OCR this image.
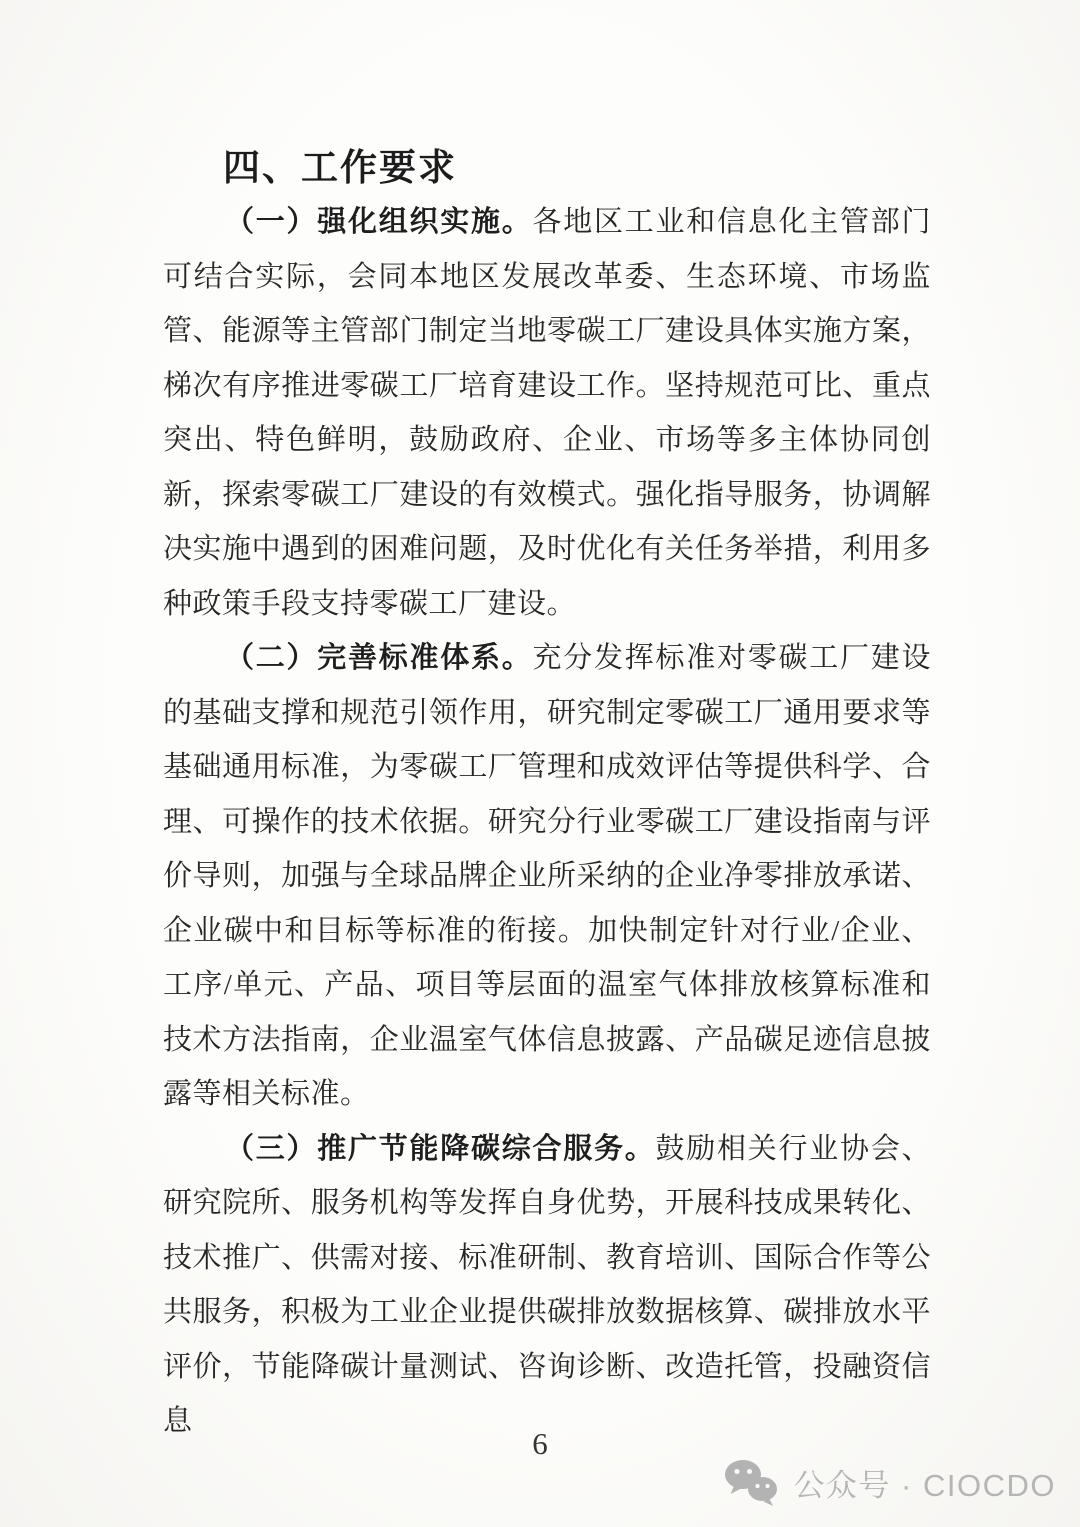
四、工作要求

（一）强化组织实施。各地区工业和信息化主管部门可结合实际，会同本地区发展改革委、生态环境、市场监管、能源等主管部门制定当地零碳工厂建设具体实施方案，梯次有序推进零碳工厂培育建设工作。坚持规范可比、重点突出、特色鲜明，鼓励政府、企业、市场等多主体协同创新，探索零碳工厂建设的有效模式。强化指导服务，协调解决实施中遇到的困难问题，及时优化有关任务举措，利用多种政策手段支持零碳工厂建设。

（二）完善标准体系。充分发挥标准对零碳工厂建设的基础支撑和规范引领作用，研究制定零碳工厂通用要求等基础通用标准，为零碳工厂管理和成效评估等提供科学、合理、可操作的技术依据。研究分行业零碳工厂建设指南与评价导则，加强与全球品牌企业所采纳的企业净零排放承诺、企业碳中和目标等标准的衔接。加快制定针对行业/企业、工序/单元、产品、项目等层面的温室气体排放核算标准和技术方法指南，企业温室气体信息披露、产品碳足迹信息披露等相关标准。

（三）推广节能降碳综合服务。鼓励相关行业协会、研究院所、服务机构等发挥自身优势，开展科技成果转化、技术推广、供需对接、标准研制、教育培训、国际合作等公共服务，积极为工业企业提供碳排放数据核算、碳排放水平评价，节能降碳计量测试、咨询诊断、改造托管，投融资信息

6
公众号 · CIOCDO
